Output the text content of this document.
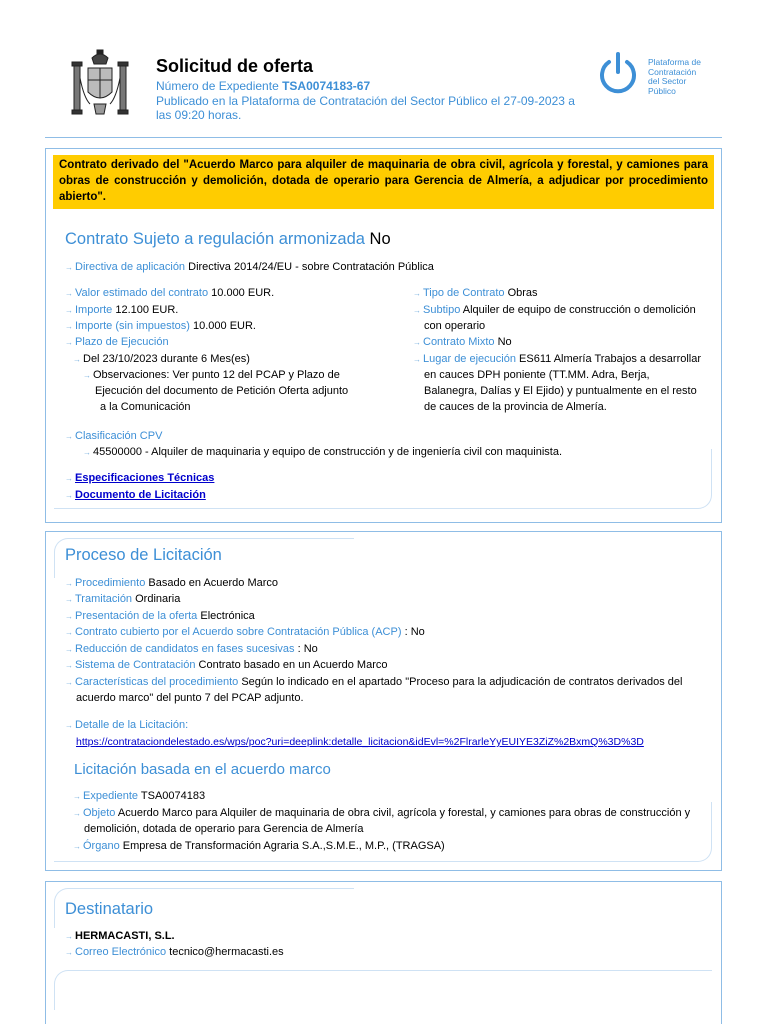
Solicitud de oferta
Número de Expediente TSA0074183-67
Publicado en la Plataforma de Contratación del Sector Público el 27-09-2023 a
las 09:20 horas.
Plataforma de
Contratación
del Sector
Público
Contrato derivado del "Acuerdo Marco para alquiler de maquinaria de obra civil, agrícola y forestal, y camiones para obras de construcción y demolición, dotada de operario para Gerencia de Almería, a adjudicar por procedimiento abierto".
Contrato Sujeto a regulación armonizada No
→ Directiva de aplicación Directiva 2014/24/EU - sobre Contratación Pública
→ Valor estimado del contrato 10.000 EUR.
→ Importe 12.100 EUR.
→ Importe (sin impuestos) 10.000 EUR.
→ Plazo de Ejecución
→ Del 23/10/2023 durante 6 Mes(es)
→ Observaciones: Ver punto 12 del PCAP y Plazo de
Ejecución del documento de Petición Oferta adjunto
a la Comunicación
→ Tipo de Contrato Obras
→ Subtipo Alquiler de equipo de construcción o demolición
con operario
→ Contrato Mixto No
→ Lugar de ejecución ES611 Almería Trabajos a desarrollar
en cauces DPH poniente (TT.MM. Adra, Berja,
Balanegra, Dalías y El Ejido) y puntualmente en el resto
de cauces de la provincia de Almería.
→ Clasificación CPV
→ 45500000 - Alquiler de maquinaria y equipo de construcción y de ingeniería civil con maquinista.
→ Especificaciones Técnicas
→ Documento de Licitación
Proceso de Licitación
→ Procedimiento Basado en Acuerdo Marco
→ Tramitación Ordinaria
→ Presentación de la oferta Electrónica
→ Contrato cubierto por el Acuerdo sobre Contratación Pública (ACP) : No
→ Reducción de candidatos en fases sucesivas : No
→ Sistema de Contratación Contrato basado en un Acuerdo Marco
→ Características del procedimiento Según lo indicado en el apartado "Proceso para la adjudicación de contratos derivados del
acuerdo marco" del punto 7 del PCAP adjunto.
→ Detalle de la Licitación:
https://contrataciondelestado.es/wps/poc?uri=deeplink:detalle_licitacion&idEvl=%2FlrarleYyEUIYE3ZiZ%2BxmQ%3D%3D
Licitación basada en el acuerdo marco
→ Expediente TSA0074183
→ Objeto Acuerdo Marco para Alquiler de maquinaria de obra civil, agrícola y forestal, y camiones para obras de construcción y
demolición, dotada de operario para Gerencia de Almería
→ Órgano Empresa de Transformación Agraria S.A.,S.M.E., M.P., (TRAGSA)
Destinatario
→ HERMACASTI, S.L.
→ Correo Electrónico tecnico@hermacasti.es
